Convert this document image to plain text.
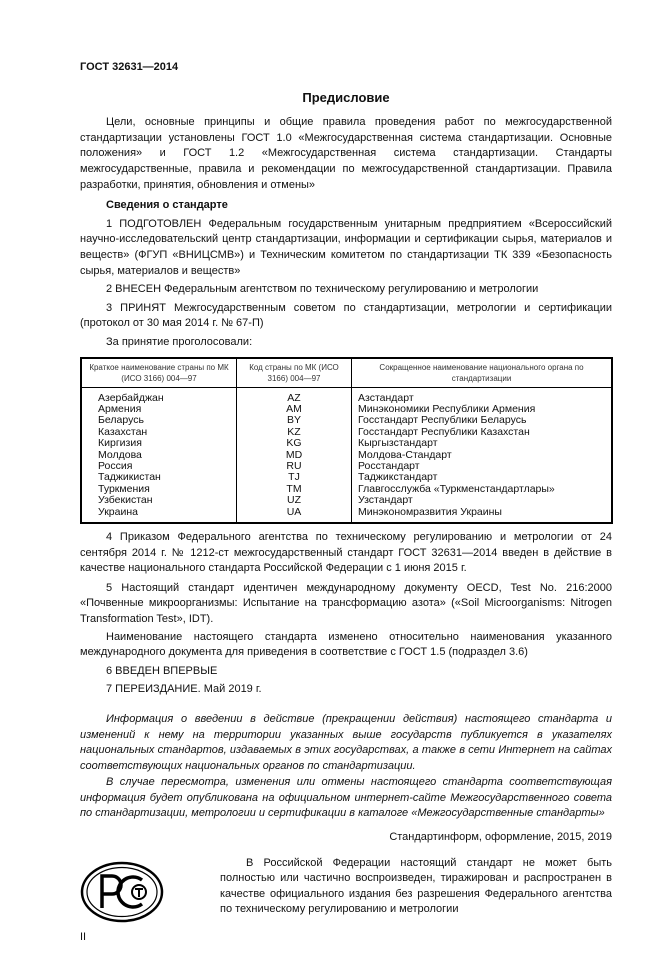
ГОСТ 32631—2014
Предисловие
Цели, основные принципы и общие правила проведения работ по межгосударственной стандартизации установлены ГОСТ 1.0 «Межгосударственная система стандартизации. Основные положения» и ГОСТ 1.2 «Межгосударственная система стандартизации. Стандарты межгосударственные, правила и рекомендации по межгосударственной стандартизации. Правила разработки, принятия, обновления и отмены»
Сведения о стандарте
1 ПОДГОТОВЛЕН Федеральным государственным унитарным предприятием «Всероссийский научно-исследовательский центр стандартизации, информации и сертификации сырья, материалов и веществ» (ФГУП «ВНИЦСМВ») и Техническим комитетом по стандартизации ТК 339 «Безопасность сырья, материалов и веществ»
2 ВНЕСЕН Федеральным агентством по техническому регулированию и метрологии
3 ПРИНЯТ Межгосударственным советом по стандартизации, метрологии и сертификации (протокол от 30 мая 2014 г. № 67-П)
За принятие проголосовали:
Краткое наименование страны по МК (ИСО 3166) 004—97	Код страны по МК (ИСО 3166) 004—97	Сокращенное наименование национального органа по стандартизации
Азербайджан	AZ	Азстандарт
Армения	AM	Минэкономики Республики Армения
Беларусь	BY	Госстандарт Республики Беларусь
Казахстан	KZ	Госстандарт Республики Казахстан
Киргизия	KG	Кыргызстандарт
Молдова	MD	Молдова-Стандарт
Россия	RU	Росстандарт
Таджикистан	TJ	Таджикстандарт
Туркмения	TM	Главгосслужба «Туркменстандартлары»
Узбекистан	UZ	Узстандарт
Украина	UA	Минэкономразвития Украины
4 Приказом Федерального агентства по техническому регулированию и метрологии от 24 сентября 2014 г. № 1212-ст межгосударственный стандарт ГОСТ 32631—2014 введен в действие в качестве национального стандарта Российской Федерации с 1 июня 2015 г.
5 Настоящий стандарт идентичен международному документу OECD, Test No. 216:2000 «Почвенные микроорганизмы: Испытание на трансформацию азота» («Soil Microorganisms: Nitrogen Transformation Test», IDT).
Наименование настоящего стандарта изменено относительно наименования указанного международного документа для приведения в соответствие с ГОСТ 1.5 (подраздел 3.6)
6 ВВЕДЕН ВПЕРВЫЕ
7 ПЕРЕИЗДАНИЕ. Май 2019 г.
Информация о введении в действие (прекращении действия) настоящего стандарта и изменений к нему на территории указанных выше государств публикуется в указателях национальных стандартов, издаваемых в этих государствах, а также в сети Интернет на сайтах соответствующих национальных органов по стандартизации.
В случае пересмотра, изменения или отмены настоящего стандарта соответствующая информация будет опубликована на официальном интернет-сайте Межгосударственного совета по стандартизации, метрологии и сертификации в каталоге «Межгосударственные стандарты»
Стандартинформ, оформление, 2015, 2019
В Российской Федерации настоящий стандарт не может быть полностью или частично воспроизведен, тиражирован и распространен в качестве официального издания без разрешения Федерального агентства по техническому регулированию и метрологии
II
